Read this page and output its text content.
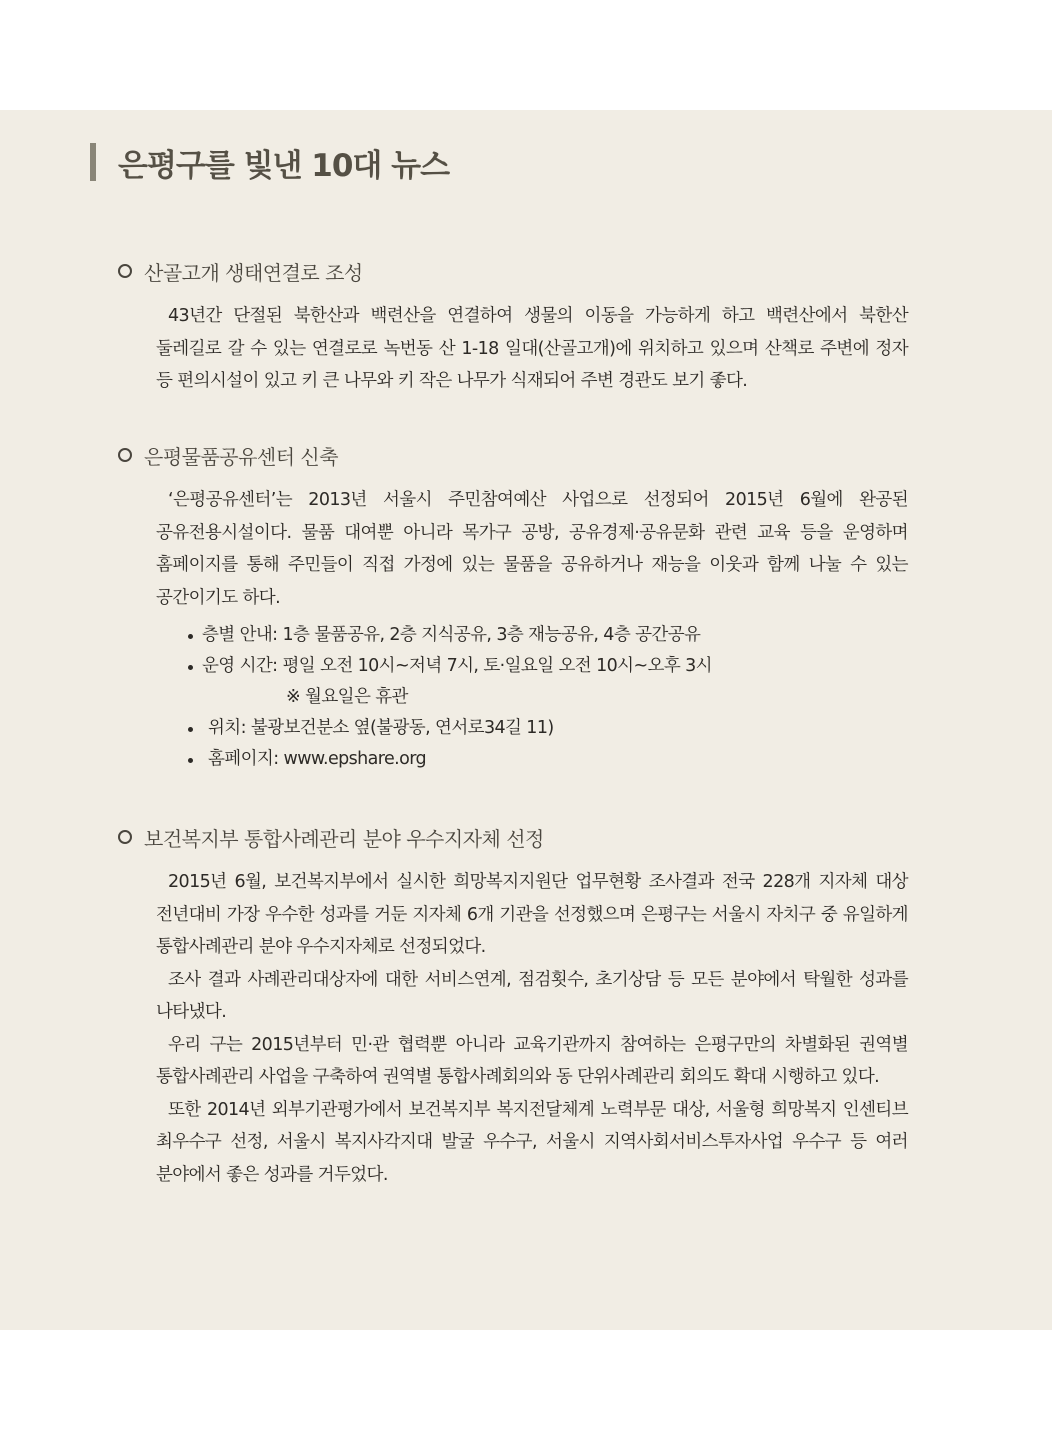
은평구를 빛낸 10대 뉴스
산골고개 생태연결로 조성

43년간 단절된 북한산과 백련산을 연결하여 생물의 이동을 가능하게 하고 백련산에서 북한산 둘레길로 갈 수 있는 연결로로 녹번동 산 1-18 일대(산골고개)에 위치하고 있으며 산책로 주변에 정자 등 편의시설이 있고 키 큰 나무와 키 작은 나무가 식재되어 주변 경관도 보기 좋다.

은평물품공유센터 신축

‘은평공유센터’는 2013년 서울시 주민참여예산 사업으로 선정되어 2015년 6월에 완공된 공유전용시설이다. 물품 대여뿐 아니라 목가구 공방, 공유경제·공유문화 관련 교육 등을 운영하며 홈페이지를 통해 주민들이 직접 가정에 있는 물품을 공유하거나 재능을 이웃과 함께 나눌 수 있는 공간이기도 하다.

층별 안내: 1층 물품공유, 2층 지식공유, 3층 재능공유, 4층 공간공유
운영 시간: 평일 오전 10시~저녁 7시, 토·일요일 오전 10시~오후 3시
※ 월요일은 휴관
위치: 불광보건분소 옆(불광동, 연서로34길 11)
홈페이지: www.epshare.org
보건복지부 통합사례관리 분야 우수지자체 선정

2015년 6월, 보건복지부에서 실시한 희망복지지원단 업무현황 조사결과 전국 228개 지자체 대상 전년대비 가장 우수한 성과를 거둔 지자체 6개 기관을 선정했으며 은평구는 서울시 자치구 중 유일하게 통합사례관리 분야 우수지자체로 선정되었다.

조사 결과 사례관리대상자에 대한 서비스연계, 점검횟수, 초기상담 등 모든 분야에서 탁월한 성과를 나타냈다.

우리 구는 2015년부터 민·관 협력뿐 아니라 교육기관까지 참여하는 은평구만의 차별화된 권역별 통합사례관리 사업을 구축하여 권역별 통합사례회의와 동 단위사례관리 회의도 확대 시행하고 있다.

또한 2014년 외부기관평가에서 보건복지부 복지전달체계 노력부문 대상, 서울형 희망복지 인센티브 최우수구 선정, 서울시 복지사각지대 발굴 우수구, 서울시 지역사회서비스투자사업 우수구 등 여러 분야에서 좋은 성과를 거두었다.
